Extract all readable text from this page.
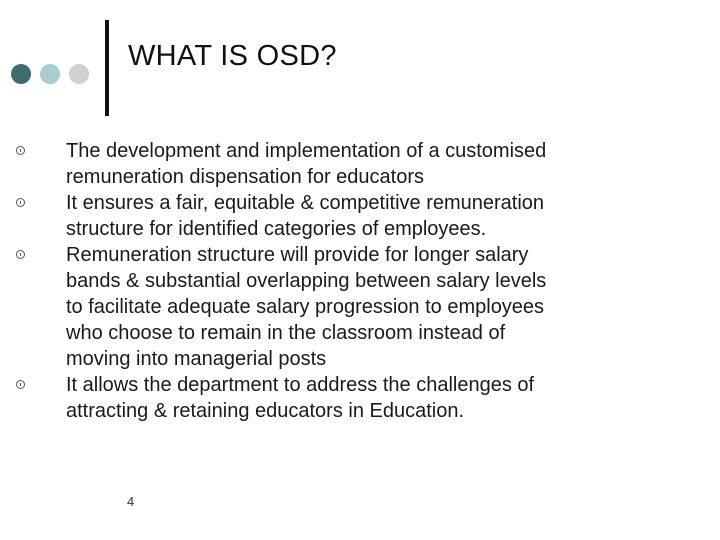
WHAT IS OSD?
The development and implementation of a customised
remuneration dispensation for educators
It ensures a fair, equitable & competitive remuneration
structure for identified categories of employees.
Remuneration structure will provide for longer salary
bands & substantial overlapping between salary levels
to facilitate adequate salary progression to employees
who choose to remain in the classroom instead of
moving into managerial posts
It allows the department to address the challenges of
attracting & retaining educators in Education.
4
